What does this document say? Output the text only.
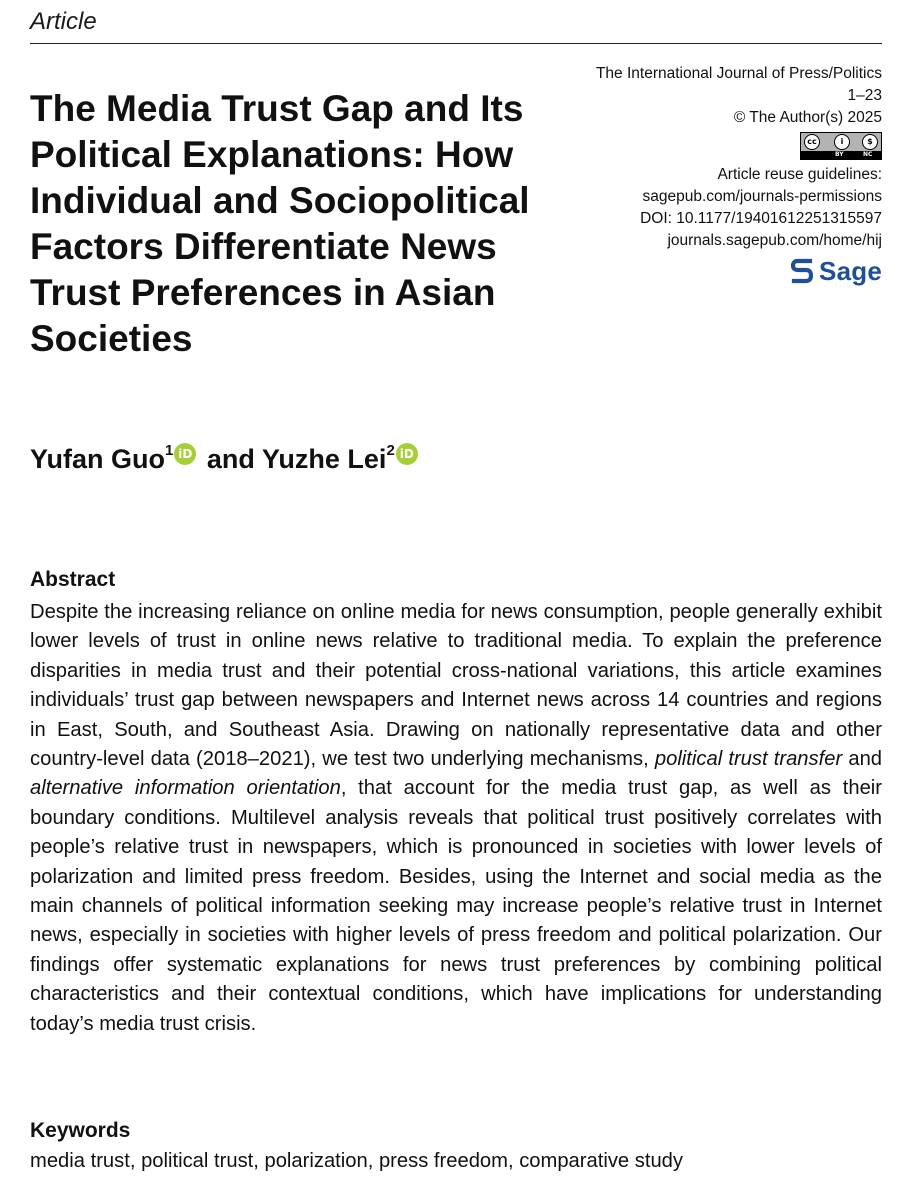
Article
The Media Trust Gap and Its Political Explanations: How Individual and Sociopolitical Factors Differentiate News Trust Preferences in Asian Societies
The International Journal of Press/Politics
1–23
© The Author(s) 2025
cc	i	$
BY	NC
Article reuse guidelines:
sagepub.com/journals-permissions
DOI: 10.1177/19401612251315597
journals.sagepub.com/home/hij
Sage
Yufan Guo$^1$ iD and Yuzhe Lei$^2$ iD
Abstract

Despite the increasing reliance on online media for news consumption, people generally exhibit lower levels of trust in online news relative to traditional media. To explain the preference disparities in media trust and their potential cross-national variations, this article examines individuals’ trust gap between newspapers and Internet news across 14 countries and regions in East, South, and Southeast Asia. Drawing on nationally representative data and other country-level data (2018–2021), we test two underlying mechanisms, political trust transfer and alternative information orientation, that account for the media trust gap, as well as their boundary conditions. Multilevel analysis reveals that political trust positively correlates with people’s relative trust in newspapers, which is pronounced in societies with lower levels of polarization and limited press freedom. Besides, using the Internet and social media as the main channels of political information seeking may increase people’s relative trust in Internet news, especially in societies with higher levels of press freedom and political polarization. Our findings offer systematic explanations for news trust preferences by combining political characteristics and their contextual conditions, which have implications for understanding today’s media trust crisis.

Keywords
media trust, political trust, polarization, press freedom, comparative study
